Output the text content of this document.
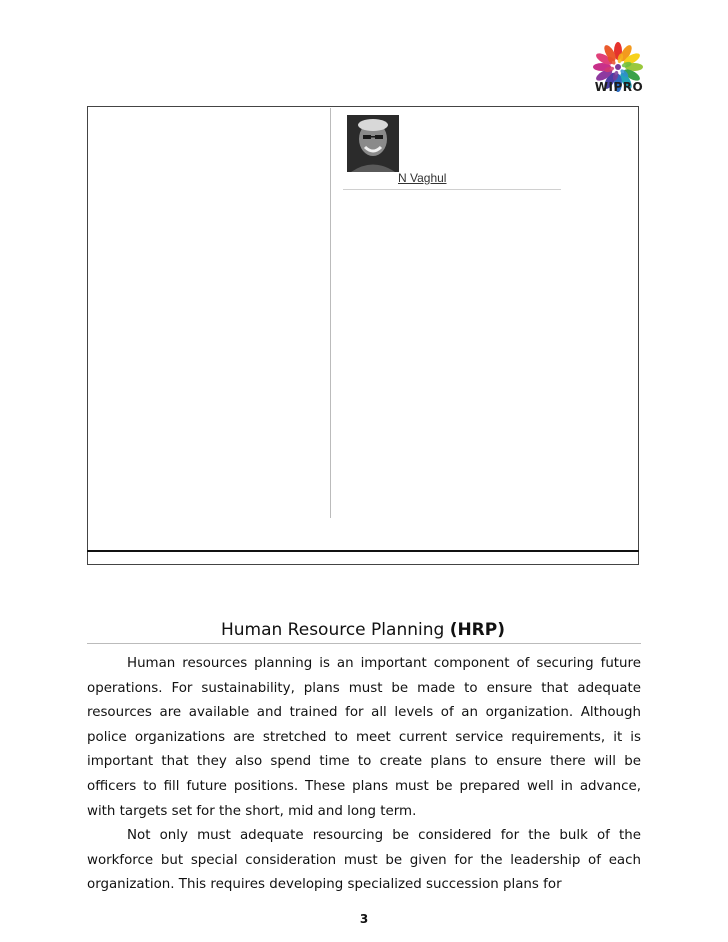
WIPRO
N Vaghul
Human Resource Planning (HRP)

Human resources planning is an important component of securing future operations. For sustainability, plans must be made to ensure that adequate resources are available and trained for all levels of an organization. Although police organizations are stretched to meet current service requirements, it is important that they also spend time to create plans to ensure there will be officers to fill future positions. These plans must be prepared well in advance, with targets set for the short, mid and long term.

Not only must adequate resourcing be considered for the bulk of the workforce but special consideration must be given for the leadership of each organization. This requires developing specialized succession plans for

3
